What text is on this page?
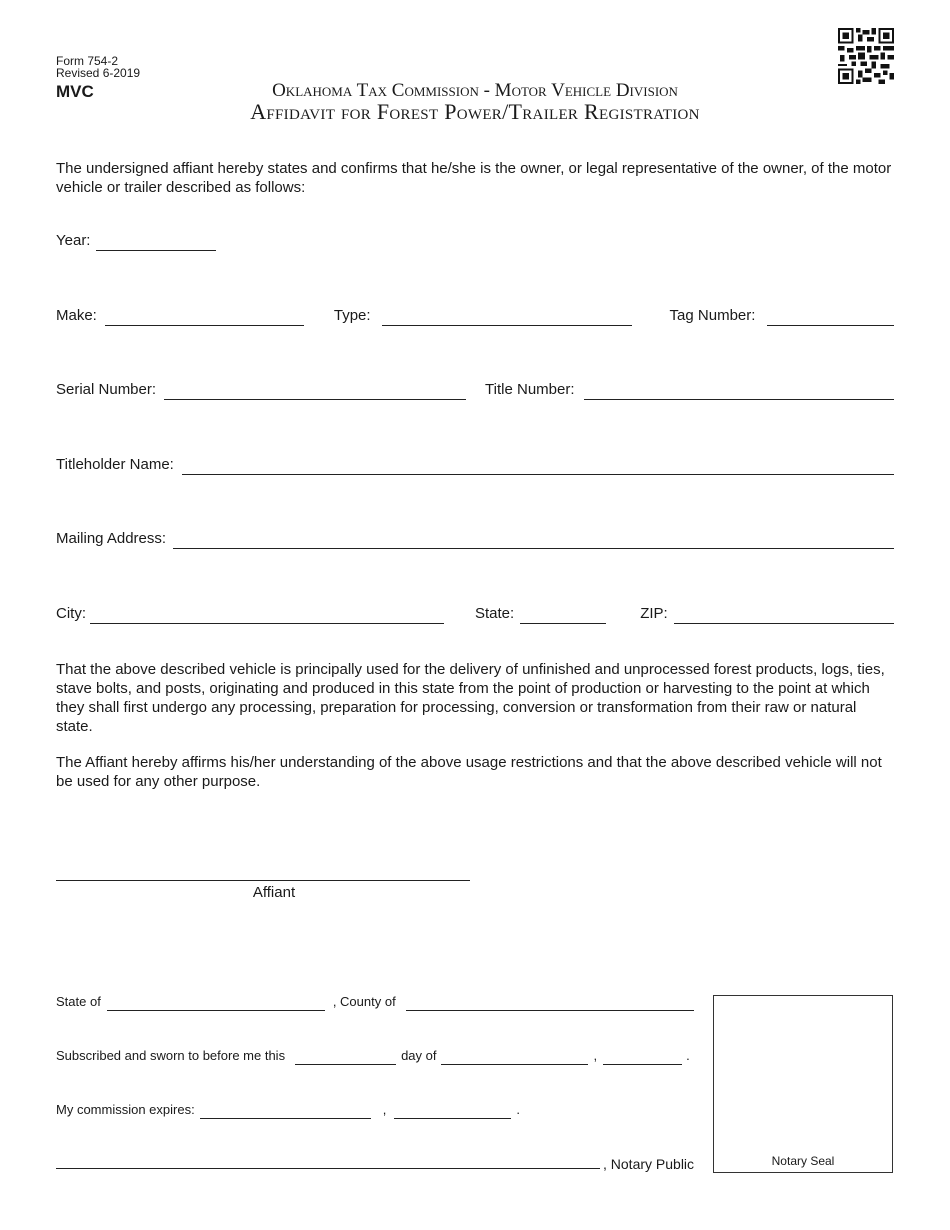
Form 754-2
Revised 6-2019
MVC	Oklahoma Tax Commission - Motor Vehicle Division
Affidavit for Forest Power/Trailer Registration
The undersigned affiant hereby states and confirms that he/she is the owner, or legal representative of the owner, of the motor vehicle or trailer described as follows:
Year:
Make:	Type:	Tag Number:
Serial Number:	Title Number:
Titleholder Name:
Mailing Address:
City:	State:	ZIP:
That the above described vehicle is principally used for the delivery of unfinished and unprocessed forest products, logs, ties, stave bolts, and posts, originating and produced in this state from the point of production or harvesting to the point at which they shall first undergo any processing, preparation for processing, conversion or transformation from their raw or natural state.
The Affiant hereby affirms his/her understanding of the above usage restrictions and that the above described vehicle will not be used for any other purpose.
Affiant
State of	, County of
Subscribed and sworn to before me this	day of	,	.
My commission expires:	,	.
, Notary Public	Notary Seal
